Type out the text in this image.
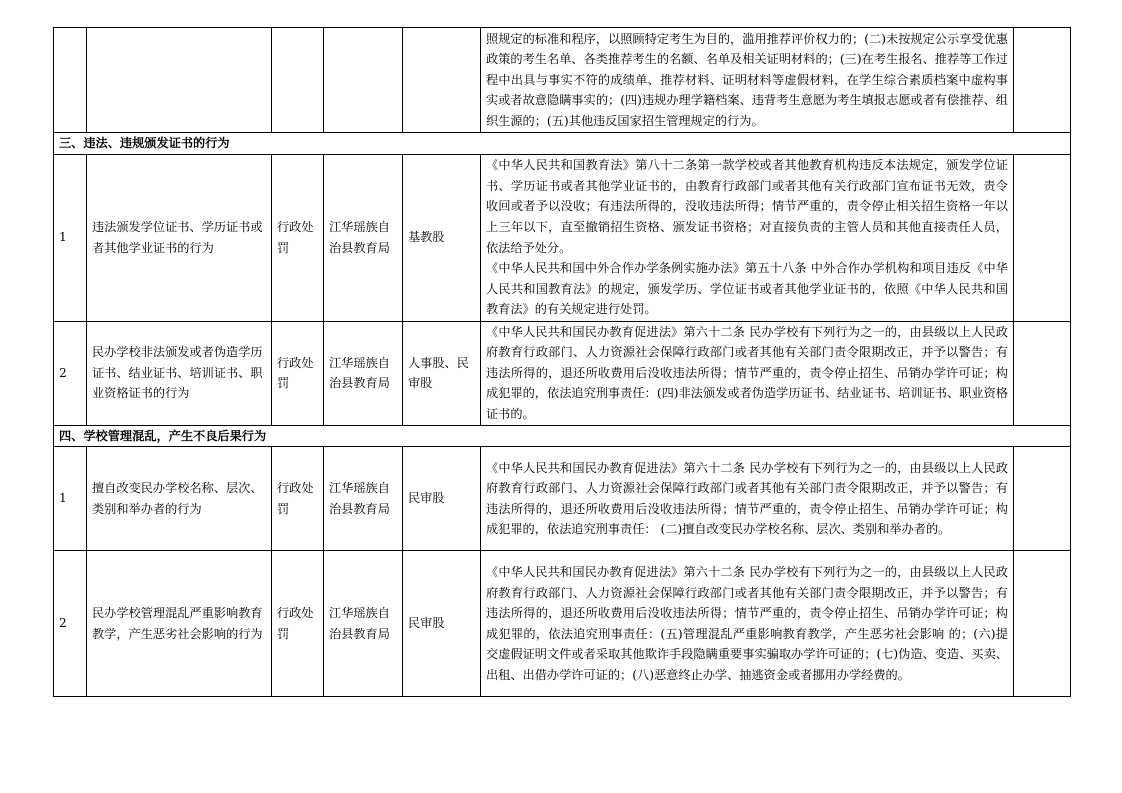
					照规定的标准和程序，以照顾特定考生为目的，滥用推荐评价权力的；(二)未按规定公示享受优惠政策的考生名单、各类推荐考生的名额、名单及相关证明材料的；(三)在考生报名、推荐等工作过程中出具与事实不符的成绩单、推荐材料、证明材料等虚假材料，在学生综合素质档案中虚构事实或者故意隐瞒事实的；(四)违规办理学籍档案、违背考生意愿为考生填报志愿或者有偿推荐、组织生源的；(五)其他违反国家招生管理规定的行为。	

三、违法、违规颁发证书的行为						
1	违法颁发学位证书、学历证书或者其他学业证书的行为	行政处罚	江华瑶族自治县教育局	基教股	《中华人民共和国教育法》第八十二条第一款学校或者其他教育机构违反本法规定，颁发学位证书、学历证书或者其他学业证书的，由教育行政部门或者其他有关行政部门宣布证书无效，责令收回或者予以没收；有违法所得的，没收违法所得；情节严重的，责令停止相关招生资格一年以上三年以下，直至撤销招生资格、颁发证书资格；对直接负责的主管人员和其他直接责任人员，依法给予处分。

《中华人民共和国中外合作办学条例实施办法》第五十八条 中外合作办学机构和项目违反《中华人民共和国教育法》的规定，颁发学历、学位证书或者其他学业证书的，依照《中华人民共和国教育法》的有关规定进行处罚。	

2	民办学校非法颁发或者伪造学历证书、结业证书、培训证书、职业资格证书的行为	行政处罚	江华瑶族自治县教育局	人事股、民审股	《中华人民共和国民办教育促进法》第六十二条 民办学校有下列行为之一的，由县级以上人民政府教育行政部门、人力资源社会保障行政部门或者其他有关部门责令限期改正，并予以警告；有违法所得的，退还所收费用后没收违法所得；情节严重的，责令停止招生、吊销办学许可证；构成犯罪的，依法追究刑事责任：(四)非法颁发或者伪造学历证书、结业证书、培训证书、职业资格证书的。	

四、学校管理混乱，产生不良后果行为						
1	擅自改变民办学校名称、层次、类别和举办者的行为	行政处罚	江华瑶族自治县教育局	民审股	《中华人民共和国民办教育促进法》第六十二条 民办学校有下列行为之一的，由县级以上人民政府教育行政部门、人力资源社会保障行政部门或者其他有关部门责令限期改正，并予以警告；有违法所得的，退还所收费用后没收违法所得；情节严重的，责令停止招生、吊销办学许可证；构成犯罪的，依法追究刑事责任： (二)擅自改变民办学校名称、层次、类别和举办者的。	

2	民办学校管理混乱严重影响教育教学，产生恶劣社会影响的行为	行政处罚	江华瑶族自治县教育局	民审股	《中华人民共和国民办教育促进法》第六十二条 民办学校有下列行为之一的，由县级以上人民政府教育行政部门、人力资源社会保障行政部门或者其他有关部门责令限期改正，并予以警告；有违法所得的，退还所收费用后没收违法所得；情节严重的，责令停止招生、吊销办学许可证；构成犯罪的，依法追究刑事责任：(五)管理混乱严重影响教育教学，产生恶劣社会影响 的；(六)提交虚假证明文件或者采取其他欺诈手段隐瞒重要事实骗取办学许可证的；(七)伪造、变造、买卖、出租、出借办学许可证的；(八)恶意终止办学、抽逃资金或者挪用办学经费的。	
